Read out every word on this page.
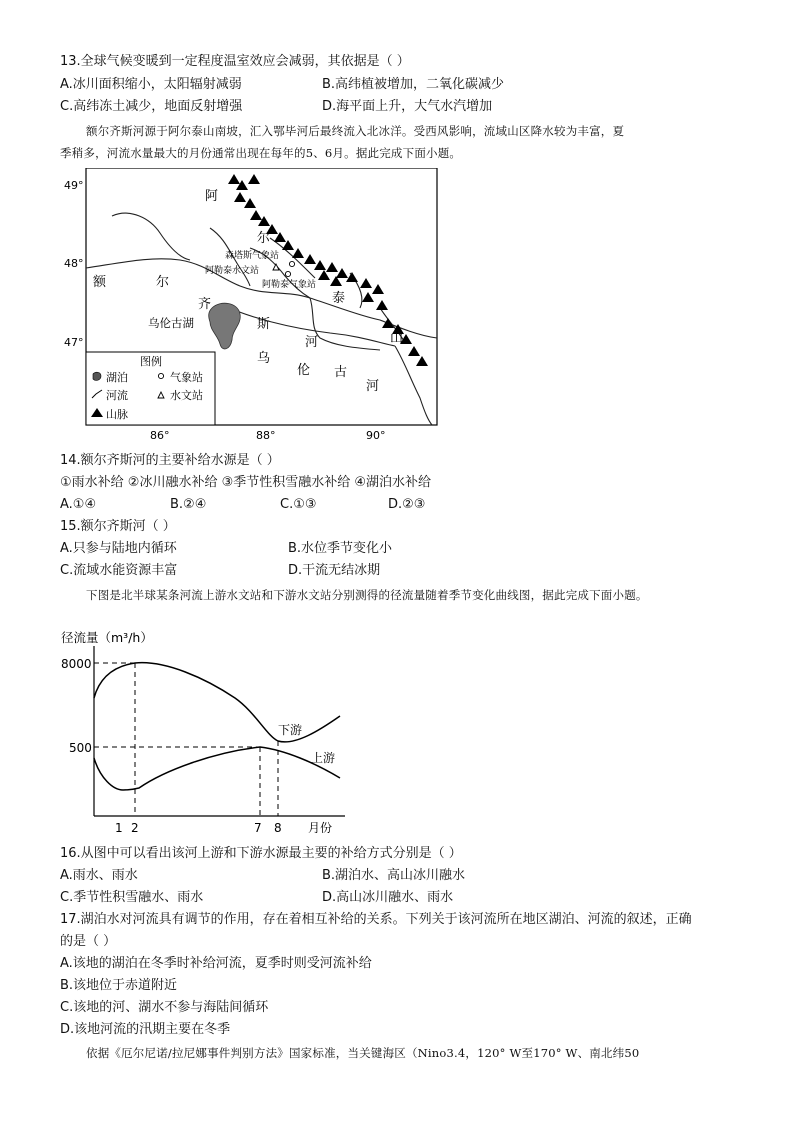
13.全球气候变暖到一定程度温室效应会减弱，其依据是（ ）
A.冰川面积缩小，太阳辐射减弱	B.高纬植被增加，二氧化碳减少
C.高纬冻土减少，地面反射增强	D.海平面上升，大气水汽增加
额尔齐斯河源于阿尔泰山南坡，汇入鄂毕河后最终流入北冰洋。受西风影响，流域山区降水较为丰富，夏
季稍多，河流水量最大的月份通常出现在每年的5、6月。据此完成下面小题。
49°
48°
47°
86°	88°	90°
阿
尔
泰
山
额	尔
齐
斯
河
乌
伦 古
河
乌伦古湖
森塔斯气象站
阿勒泰水文站
阿勒泰气象站
图例
湖泊	气象站
河流	水文站
山脉
14.额尔齐斯河的主要补给水源是（ ）
①雨水补给 ②冰川融水补给 ③季节性积雪融水补给 ④湖泊水补给
A.①④	B.②④	C.①③	D.②③
15.额尔齐斯河（ ）
A.只参与陆地内循环	B.水位季节变化小
C.流域水能资源丰富	D.干流无结冰期
下图是北半球某条河流上游水文站和下游水文站分别测得的径流量随着季节变化曲线图，据此完成下面小题。
径流量（m³/h）
8000
500
1 2	7 8 月份
下游
上游
16.从图中可以看出该河上游和下游水源最主要的补给方式分别是（ ）
A.雨水、雨水	B.湖泊水、高山冰川融水
C.季节性积雪融水、雨水	D.高山冰川融水、雨水
17.湖泊水对河流具有调节的作用，存在着相互补给的关系。下列关于该河流所在地区湖泊、河流的叙述，正确
的是（ ）
A.该地的湖泊在冬季时补给河流，夏季时则受河流补给
B.该地位于赤道附近
C.该地的河、湖水不参与海陆间循环
D.该地河流的汛期主要在冬季
依据《厄尔尼诺/拉尼娜事件判别方法》国家标准，当关键海区（Nino3.4，120° W至170° W、南北纬50
